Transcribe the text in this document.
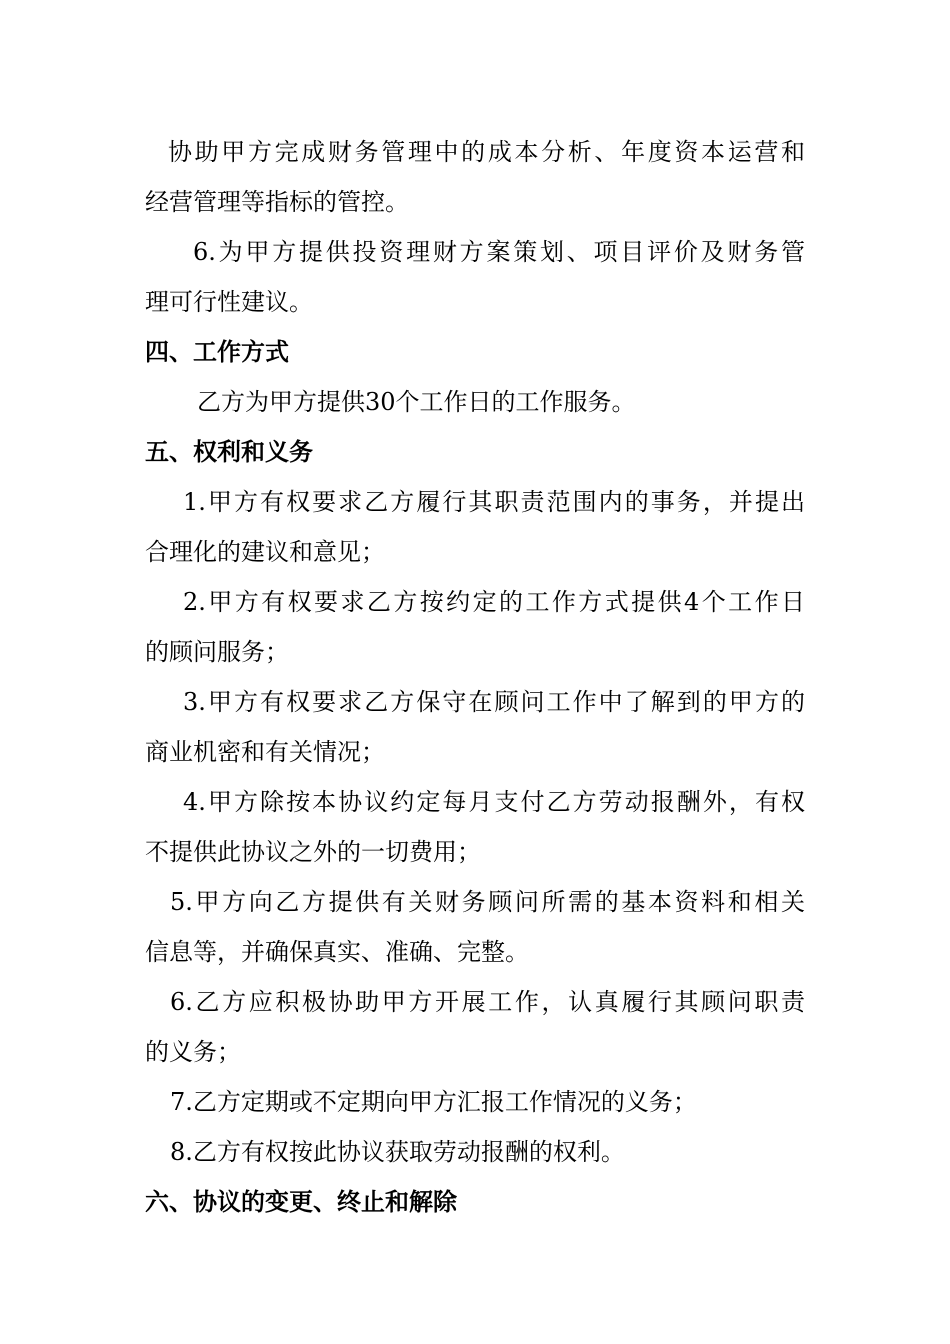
协助甲方完成财务管理中的成本分析、年度资本运营和
经营管理等指标的管控。
6.为甲方提供投资理财方案策划、项目评价及财务管
理可行性建议。
四、工作方式
乙方为甲方提供30个工作日的工作服务。
五、权利和义务
1.甲方有权要求乙方履行其职责范围内的事务，并提出
合理化的建议和意见；
2.甲方有权要求乙方按约定的工作方式提供4个工作日
的顾问服务；
3.甲方有权要求乙方保守在顾问工作中了解到的甲方的
商业机密和有关情况；
4.甲方除按本协议约定每月支付乙方劳动报酬外，有权
不提供此协议之外的一切费用；
5.甲方向乙方提供有关财务顾问所需的基本资料和相关
信息等，并确保真实、准确、完整。
6.乙方应积极协助甲方开展工作，认真履行其顾问职责
的义务；
7.乙方定期或不定期向甲方汇报工作情况的义务；
8.乙方有权按此协议获取劳动报酬的权利。
六、协议的变更、终止和解除
